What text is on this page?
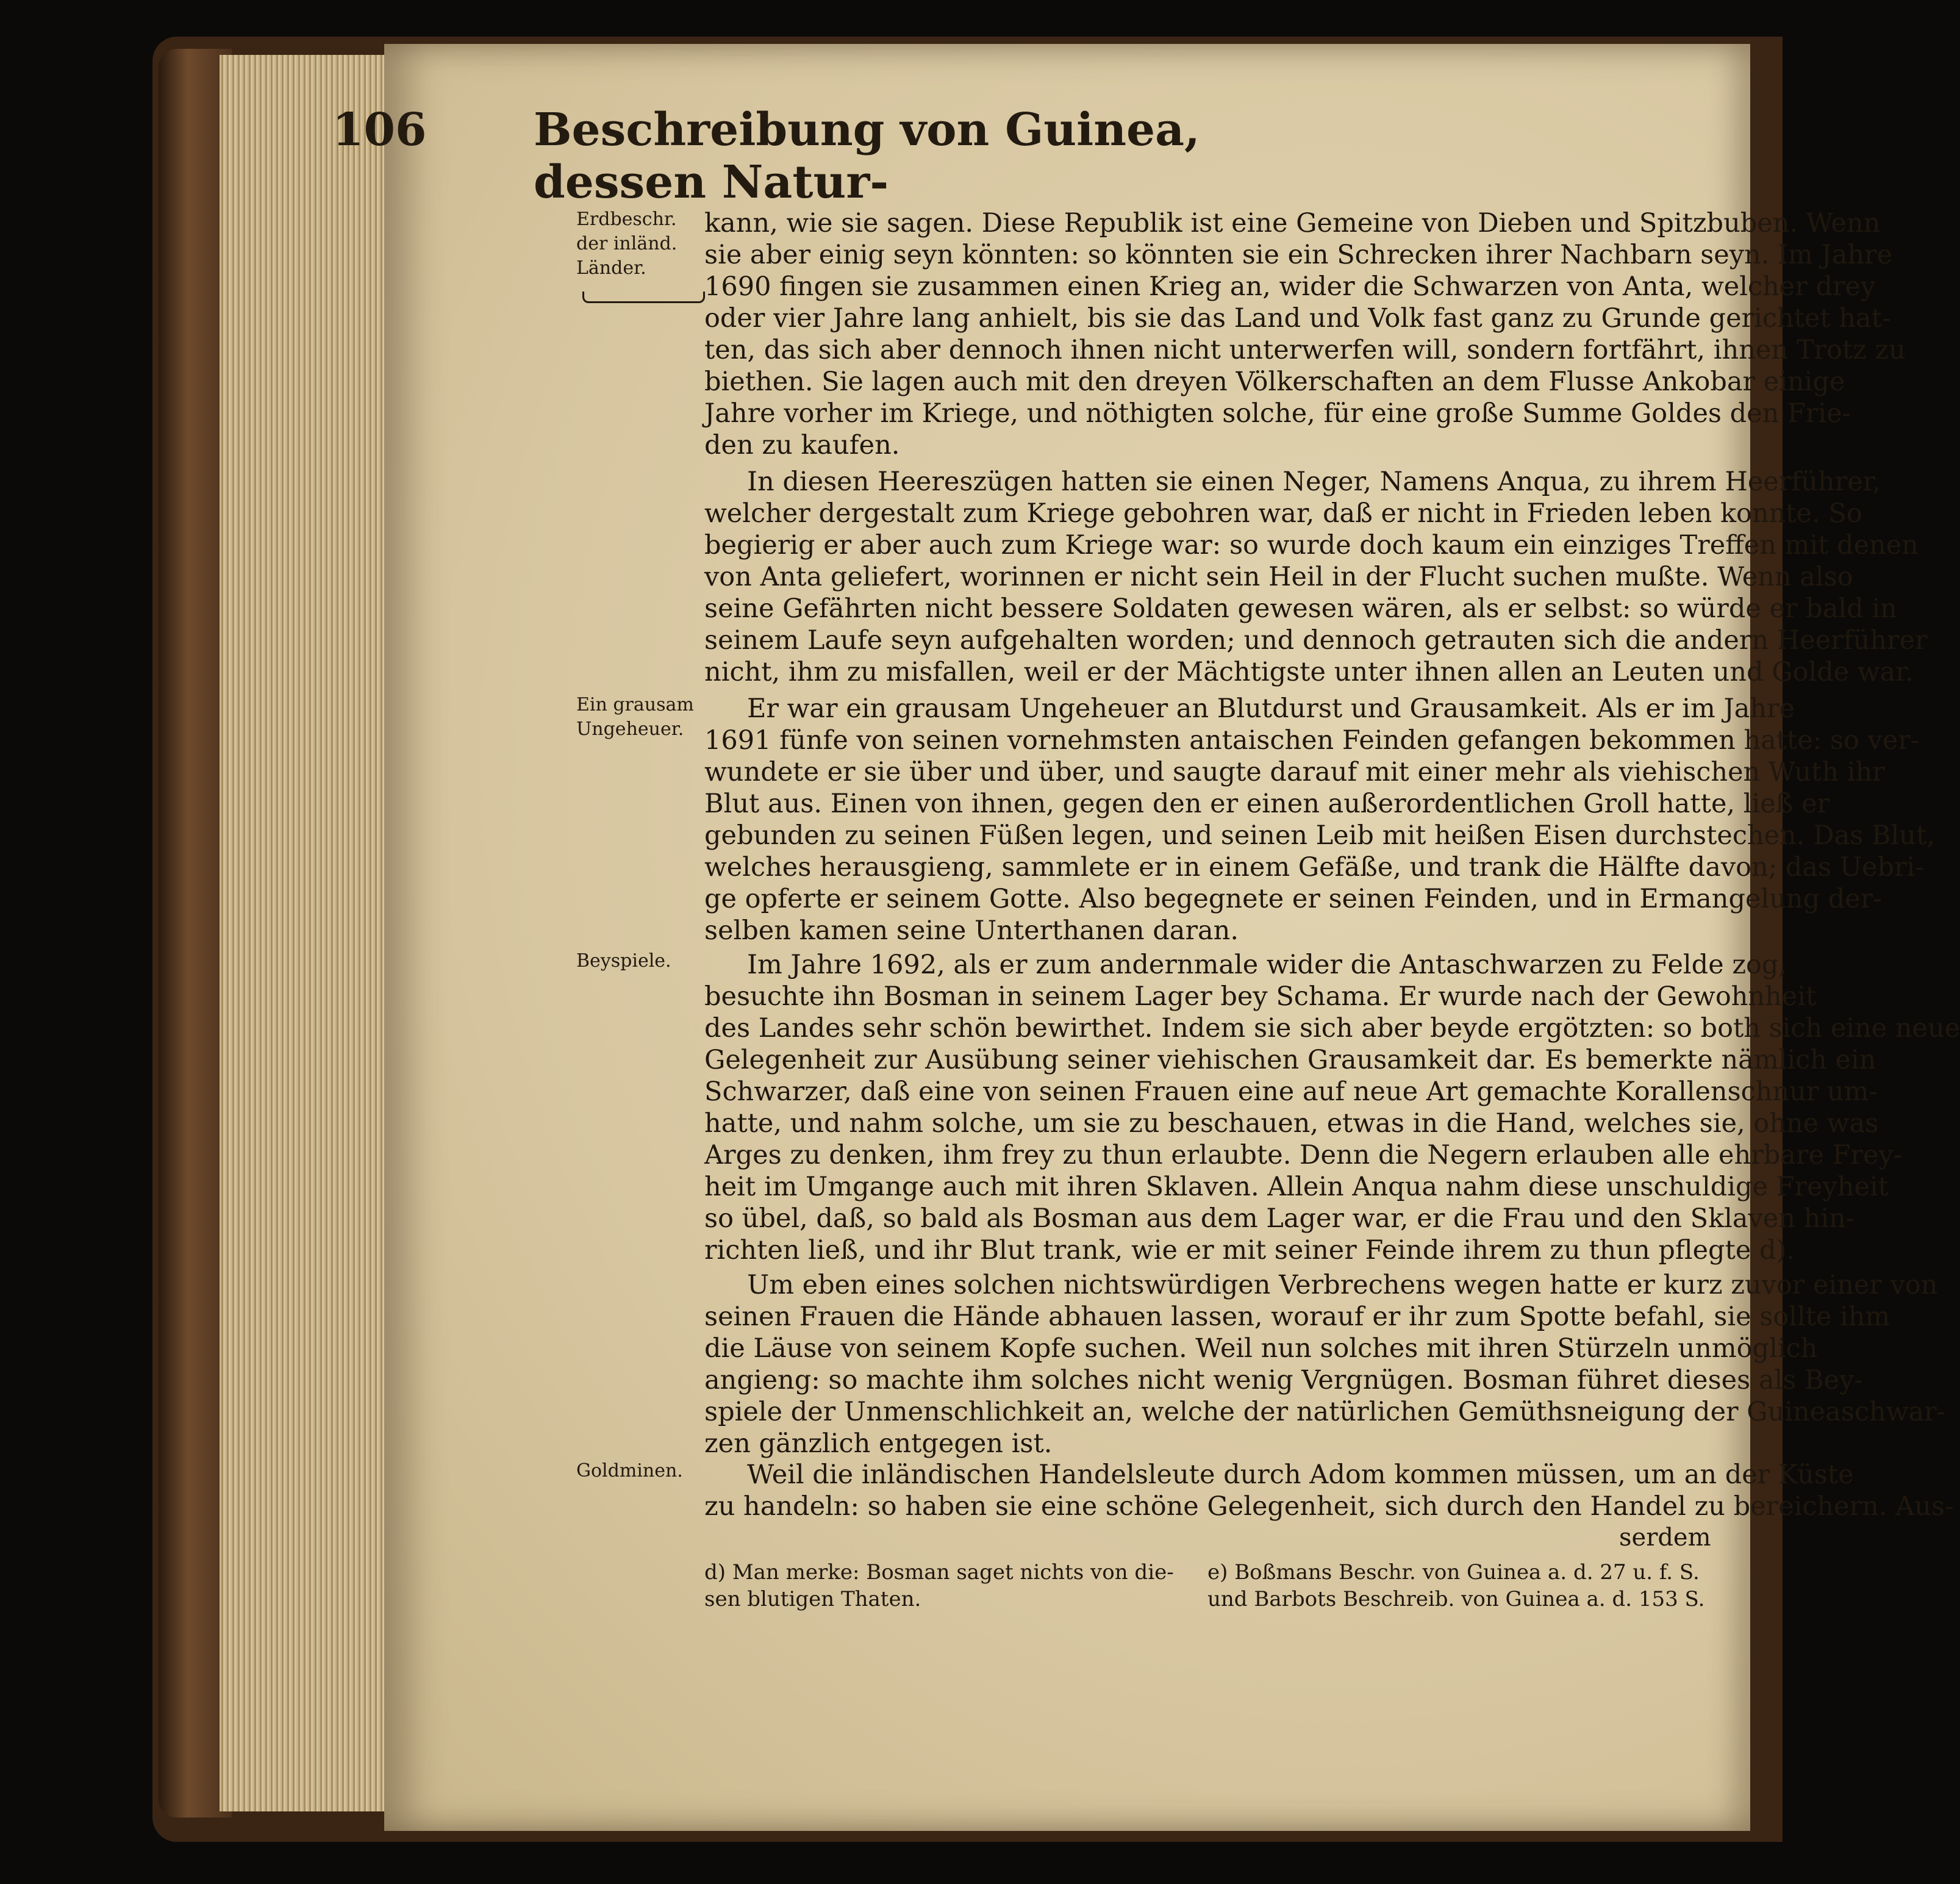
106 Beschreibung von Guinea, dessen Natur-
Erdbeschr.
der inländ.
Länder.
Ein grausam
Ungeheuer.
Beyspiele.
Goldminen.
kann, wie sie sagen. Diese Republik ist eine Gemeine von Dieben und Spitzbuben. Wenn
sie aber einig seyn könnten: so könnten sie ein Schrecken ihrer Nachbarn seyn. Im Jahre
1690 fingen sie zusammen einen Krieg an, wider die Schwarzen von Anta, welcher drey
oder vier Jahre lang anhielt, bis sie das Land und Volk fast ganz zu Grunde gerichtet hat-
ten, das sich aber dennoch ihnen nicht unterwerfen will, sondern fortfährt, ihnen Trotz zu
biethen. Sie lagen auch mit den dreyen Völkerschaften an dem Flusse Ankobar einige
Jahre vorher im Kriege, und nöthigten solche, für eine große Summe Goldes den Frie-
den zu kaufen.
In diesen Heereszügen hatten sie einen Neger, Namens Anqua, zu ihrem Heerführer,
welcher dergestalt zum Kriege gebohren war, daß er nicht in Frieden leben konnte. So
begierig er aber auch zum Kriege war: so wurde doch kaum ein einziges Treffen mit denen
von Anta geliefert, worinnen er nicht sein Heil in der Flucht suchen mußte. Wenn also
seine Gefährten nicht bessere Soldaten gewesen wären, als er selbst: so würde er bald in
seinem Laufe seyn aufgehalten worden; und dennoch getrauten sich die andern Heerführer
nicht, ihm zu misfallen, weil er der Mächtigste unter ihnen allen an Leuten und Golde war.
Er war ein grausam Ungeheuer an Blutdurst und Grausamkeit. Als er im Jahre
1691 fünfe von seinen vornehmsten antaischen Feinden gefangen bekommen hatte: so ver-
wundete er sie über und über, und saugte darauf mit einer mehr als viehischen Wuth ihr
Blut aus. Einen von ihnen, gegen den er einen außerordentlichen Groll hatte, ließ er
gebunden zu seinen Füßen legen, und seinen Leib mit heißen Eisen durchstechen. Das Blut,
welches herausgieng, sammlete er in einem Gefäße, und trank die Hälfte davon; das Uebri-
ge opferte er seinem Gotte. Also begegnete er seinen Feinden, und in Ermangelung der-
selben kamen seine Unterthanen daran.
Im Jahre 1692, als er zum andernmale wider die Antaschwarzen zu Felde zog,
besuchte ihn Bosman in seinem Lager bey Schama. Er wurde nach der Gewohnheit
des Landes sehr schön bewirthet. Indem sie sich aber beyde ergötzten: so both sich eine neue
Gelegenheit zur Ausübung seiner viehischen Grausamkeit dar. Es bemerkte nämlich ein
Schwarzer, daß eine von seinen Frauen eine auf neue Art gemachte Korallenschnur um-
hatte, und nahm solche, um sie zu beschauen, etwas in die Hand, welches sie, ohne was
Arges zu denken, ihm frey zu thun erlaubte. Denn die Negern erlauben alle ehrbare Frey-
heit im Umgange auch mit ihren Sklaven. Allein Anqua nahm diese unschuldige Freyheit
so übel, daß, so bald als Bosman aus dem Lager war, er die Frau und den Sklaven hin-
richten ließ, und ihr Blut trank, wie er mit seiner Feinde ihrem zu thun pflegte d).
Um eben eines solchen nichtswürdigen Verbrechens wegen hatte er kurz zuvor einer von
seinen Frauen die Hände abhauen lassen, worauf er ihr zum Spotte befahl, sie sollte ihm
die Läuse von seinem Kopfe suchen. Weil nun solches mit ihren Stürzeln unmöglich
angieng: so machte ihm solches nicht wenig Vergnügen. Bosman führet dieses als Bey-
spiele der Unmenschlichkeit an, welche der natürlichen Gemüthsneigung der Guineaschwar-
zen gänzlich entgegen ist.
Weil die inländischen Handelsleute durch Adom kommen müssen, um an der Küste
zu handeln: so haben sie eine schöne Gelegenheit, sich durch den Handel zu bereichern. Aus-
serdem
d) Man merke: Bosman saget nichts von die-
sen blutigen Thaten.
e) Boßmans Beschr. von Guinea a. d. 27 u. f. S.
und Barbots Beschreib. von Guinea a. d. 153 S.
